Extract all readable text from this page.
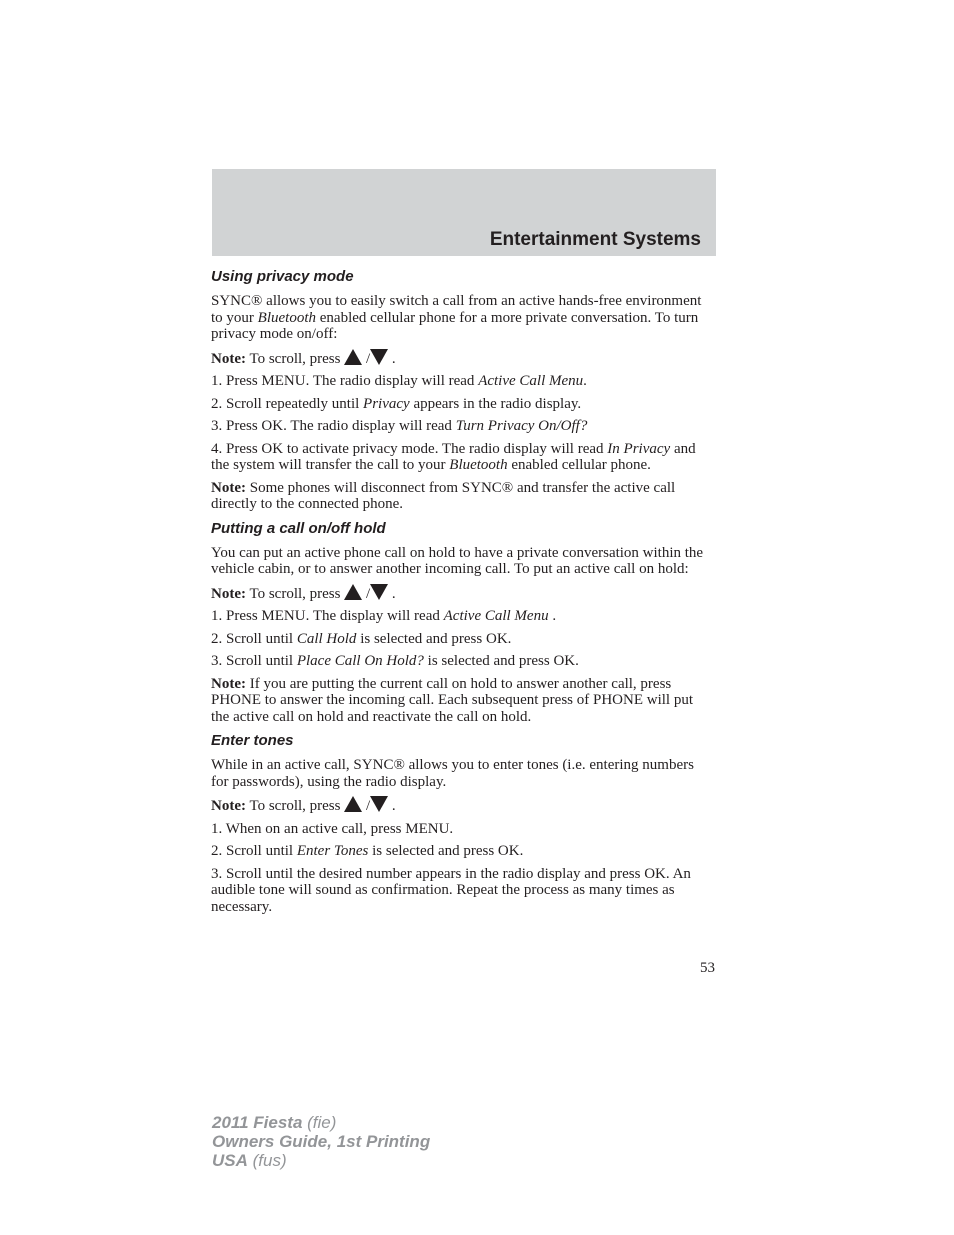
Entertainment Systems
Using privacy mode

SYNC® allows you to easily switch a call from an active hands-free environment to your Bluetooth enabled cellular phone for a more private conversation. To turn privacy mode on/off:

Note: To scroll, press  / .

1. Press MENU. The radio display will read Active Call Menu.

2. Scroll repeatedly until Privacy appears in the radio display.

3. Press OK. The radio display will read Turn Privacy On/Off?

4. Press OK to activate privacy mode. The radio display will read In Privacy and the system will transfer the call to your Bluetooth enabled cellular phone.

Note: Some phones will disconnect from SYNC® and transfer the active call directly to the connected phone.

Putting a call on/off hold

You can put an active phone call on hold to have a private conversation within the vehicle cabin, or to answer another incoming call. To put an active call on hold:

Note: To scroll, press  / .

1. Press MENU. The display will read Active Call Menu .

2. Scroll until Call Hold is selected and press OK.

3. Scroll until Place Call On Hold? is selected and press OK.

Note: If you are putting the current call on hold to answer another call, press PHONE to answer the incoming call. Each subsequent press of PHONE will put the active call on hold and reactivate the call on hold.

Enter tones

While in an active call, SYNC® allows you to enter tones (i.e. entering numbers for passwords), using the radio display.

Note: To scroll, press  / .

1. When on an active call, press MENU.

2. Scroll until Enter Tones is selected and press OK.

3. Scroll until the desired number appears in the radio display and press OK. An audible tone will sound as confirmation. Repeat the process as many times as necessary.

53
2011 Fiesta (fie)
Owners Guide, 1st Printing
USA (fus)
